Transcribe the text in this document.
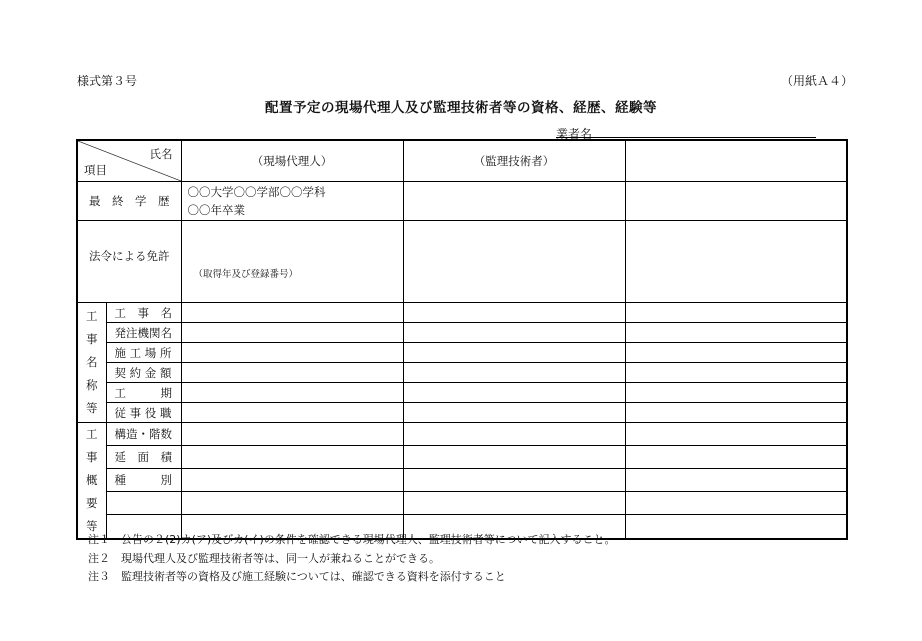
様式第３号	（用紙Ａ４）
配置予定の現場代理人及び監理技術者等の資格、経歴、経験等
業者名
氏名
項目		（現場代理人）	（監理技術者）	
最　終　学　歴		〇〇大学〇〇学部〇〇学科
〇〇年卒業		

法令による免許		（取得年及び登録番号）		

工
事
名
称
等	工　事　名			
	発注機関名			
	施 工 場 所			
	契 約 金 額			
	工　　　期			
	従 事 役 職			

工
事
概
要
等	構造・階数			
	延　面　積			
	種　　　別			

注１　公告の２(2)カ(ア)及びカ(イ)の条件を確認できる現場代理人、監理技術者等について記入すること。
注２　現場代理人及び監理技術者等は、同一人が兼ねることができる。
注３　監理技術者等の資格及び施工経験については、確認できる資料を添付すること
